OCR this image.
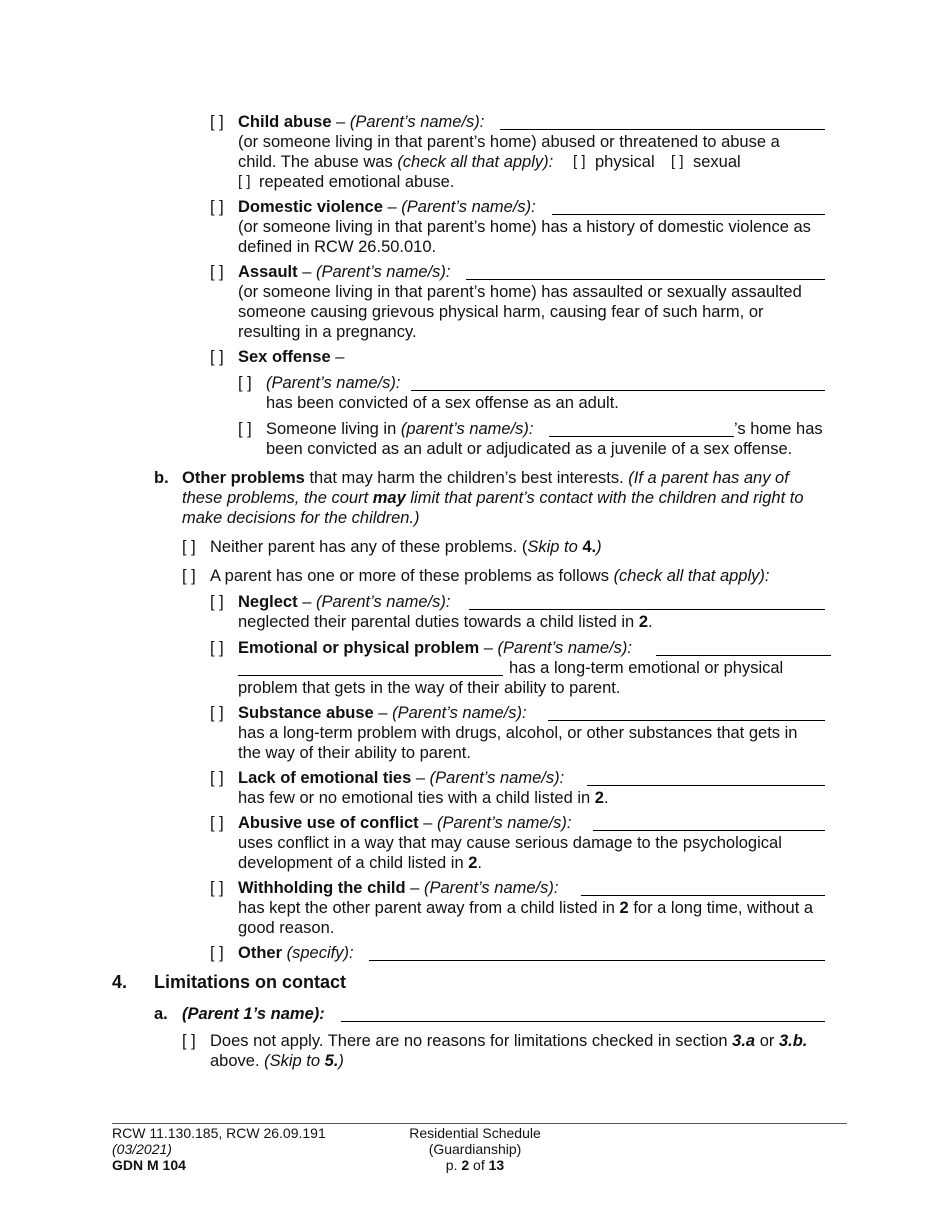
[ ] Child abuse – (Parent’s name/s):
(or someone living in that parent’s home) abused or threatened to abuse a
child. The abuse was (check all that apply): [ ] physical [ ] sexual
[ ] repeated emotional abuse.
[ ] Domestic violence – (Parent’s name/s):
(or someone living in that parent’s home) has a history of domestic violence as
defined in RCW 26.50.010.
[ ] Assault – (Parent’s name/s):
(or someone living in that parent’s home) has assaulted or sexually assaulted
someone causing grievous physical harm, causing fear of such harm, or
resulting in a pregnancy.
[ ] Sex offense –
[ ] (Parent’s name/s):
has been convicted of a sex offense as an adult.
[ ] Someone living in (parent’s name/s):	’s home has
been convicted as an adult or adjudicated as a juvenile of a sex offense.
b. Other problems that may harm the children’s best interests. (If a parent has any of
these problems, the court may limit that parent’s contact with the children and right to
make decisions for the children.)
[ ] Neither parent has any of these problems. (Skip to 4.)
[ ] A parent has one or more of these problems as follows (check all that apply):
[ ] Neglect – (Parent’s name/s):
neglected their parental duties towards a child listed in 2.
[ ] Emotional or physical problem – (Parent’s name/s):
has a long-term emotional or physical
problem that gets in the way of their ability to parent.
[ ] Substance abuse – (Parent’s name/s):
has a long-term problem with drugs, alcohol, or other substances that gets in
the way of their ability to parent.
[ ] Lack of emotional ties – (Parent’s name/s):
has few or no emotional ties with a child listed in 2.
[ ] Abusive use of conflict – (Parent’s name/s):
uses conflict in a way that may cause serious damage to the psychological
development of a child listed in 2.
[ ] Withholding the child – (Parent’s name/s):
has kept the other parent away from a child listed in 2 for a long time, without a
good reason.
[ ] Other (specify):
4. Limitations on contact
a. (Parent 1’s name):
[ ] Does not apply. There are no reasons for limitations checked in section 3.a or 3.b.
above. (Skip to 5.)
RCW 11.130.185, RCW 26.09.191
(03/2021)
GDN M 104
Residential Schedule
(Guardianship)
p. 2 of 13
